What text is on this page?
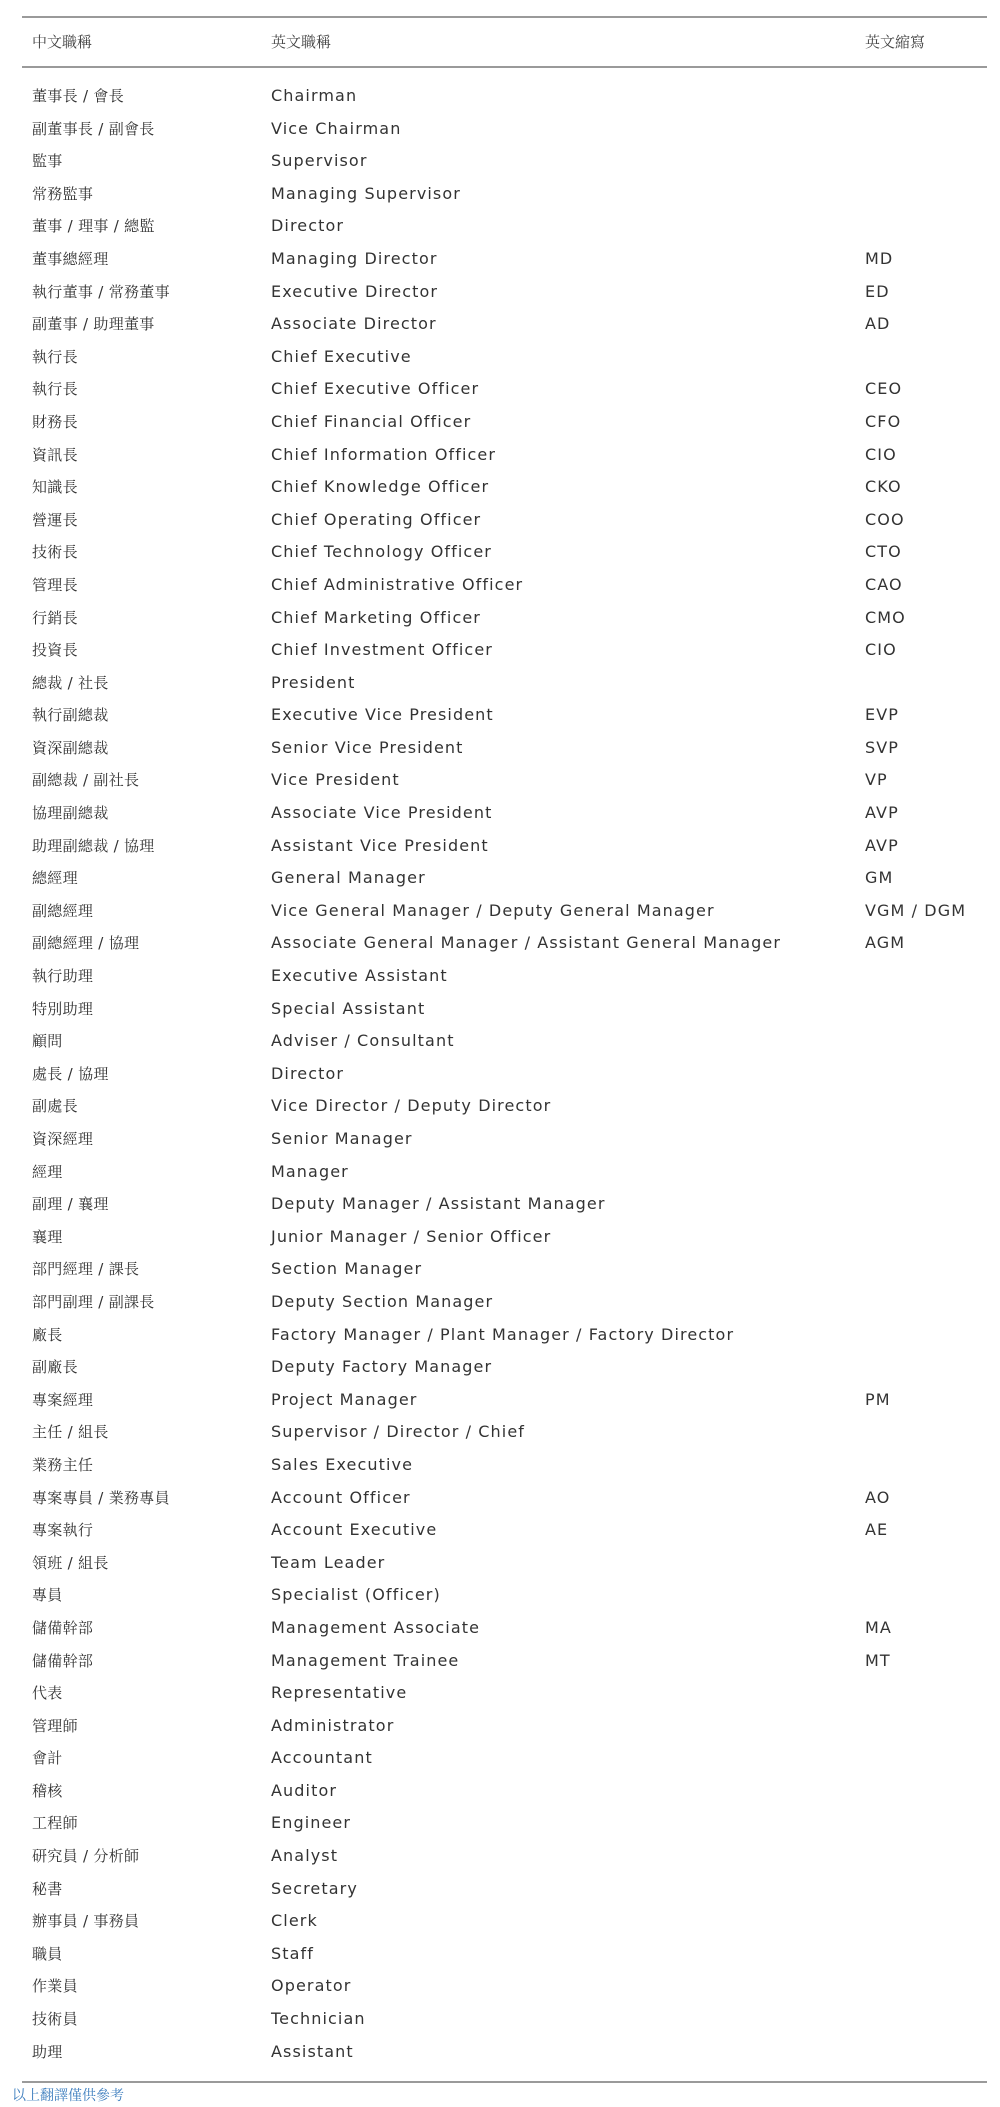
中文職稱	英文職稱	英文縮寫
董事長 / 會長	Chairman
副董事長 / 副會長	Vice Chairman
監事	Supervisor
常務監事	Managing Supervisor
董事 / 理事 / 總監	Director
董事總經理	Managing Director	MD
執行董事 / 常務董事	Executive Director	ED
副董事 / 助理董事	Associate Director	AD
執行長	Chief Executive
執行長	Chief Executive Officer	CEO
財務長	Chief Financial Officer	CFO
資訊長	Chief Information Officer	CIO
知識長	Chief Knowledge Officer	CKO
營運長	Chief Operating Officer	COO
技術長	Chief Technology Officer	CTO
管理長	Chief Administrative Officer	CAO
行銷長	Chief Marketing Officer	CMO
投資長	Chief Investment Officer	CIO
總裁 / 社長	President
執行副總裁	Executive Vice President	EVP
資深副總裁	Senior Vice President	SVP
副總裁 / 副社長	Vice President	VP
協理副總裁	Associate Vice President	AVP
助理副總裁 / 協理	Assistant Vice President	AVP
總經理	General Manager	GM
副總經理	Vice General Manager / Deputy General Manager	VGM / DGM
副總經理 / 協理	Associate General Manager / Assistant General Manager	AGM
執行助理	Executive Assistant
特別助理	Special Assistant
顧問	Adviser / Consultant
處長 / 協理	Director
副處長	Vice Director / Deputy Director
資深經理	Senior Manager
經理	Manager
副理 / 襄理	Deputy Manager / Assistant Manager
襄理	Junior Manager / Senior Officer
部門經理 / 課長	Section Manager
部門副理 / 副課長	Deputy Section Manager
廠長	Factory Manager / Plant Manager / Factory Director
副廠長	Deputy Factory Manager
專案經理	Project Manager	PM
主任 / 組長	Supervisor / Director / Chief
業務主任	Sales Executive
專案專員 / 業務專員	Account Officer	AO
專案執行	Account Executive	AE
領班 / 組長	Team Leader
專員	Specialist (Officer)
儲備幹部	Management Associate	MA
儲備幹部	Management Trainee	MT
代表	Representative
管理師	Administrator
會計	Accountant
稽核	Auditor
工程師	Engineer
研究員 / 分析師	Analyst
秘書	Secretary
辦事員 / 事務員	Clerk
職員	Staff
作業員	Operator
技術員	Technician
助理	Assistant
以上翻譯僅供參考
